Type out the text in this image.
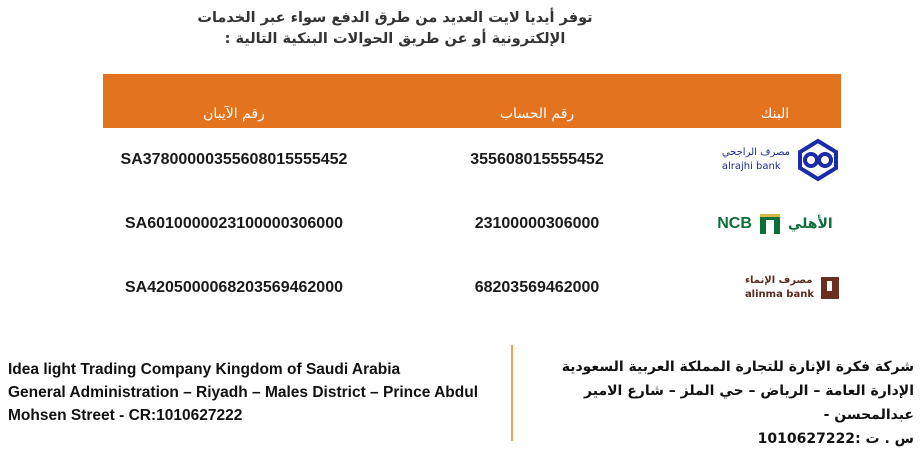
توفر أيديا لايت العديد من طرق الدفع سواء عبر الخدمات
الإلكترونية أو عن طريق الحوالات البنكية التالية :
رقم الآيبان	رقم الحساب	البنك
SA37800000355608015555452	355608015555452	مصرف الراجحي
alrajhi bank

SA6010000023100000306000	23100000306000	NCB الأهلي

SA4205000068203569462000	68203569462000	مصرف الإنماء
alinma bank
Idea light Trading Company Kingdom of Saudi Arabia
General Administration – Riyadh – Males District – Prince Abdul
Mohsen Street - CR:1010627222
شركة فكرة الإنارة للتجارة المملكة العربية السعودية
الإدارة العامة – الرياض – حي الملز – شارع الامير عبدالمحسن -
س . ت :1010627222
